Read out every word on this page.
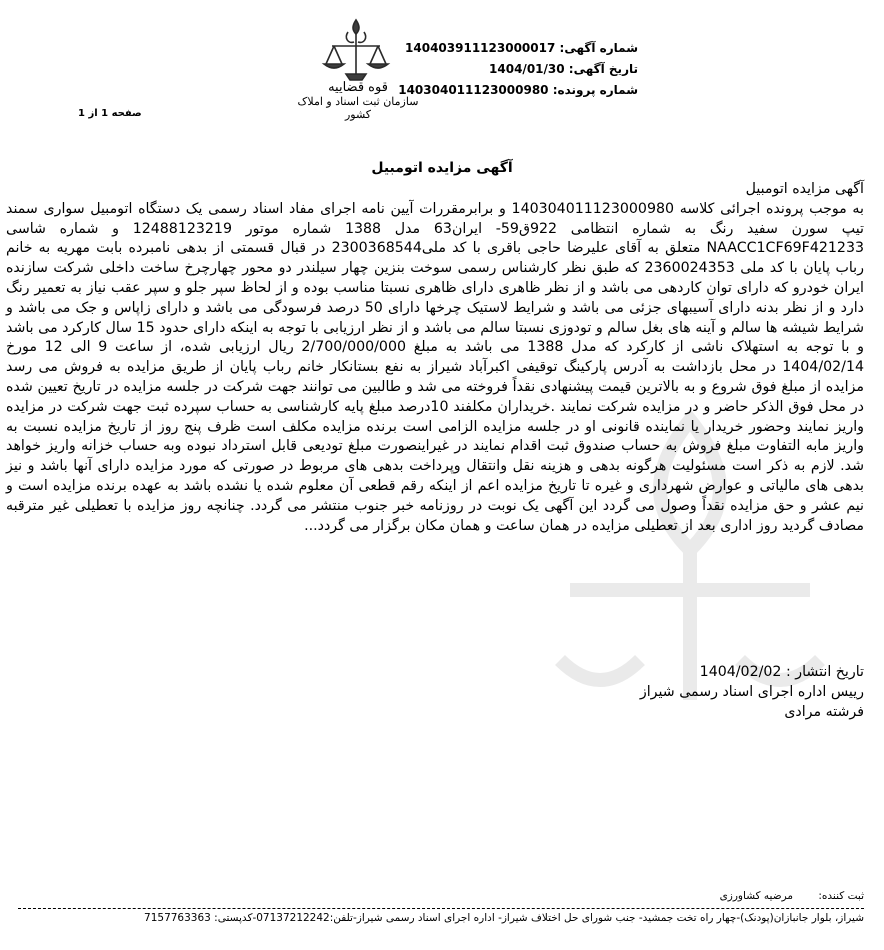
شماره آگهی: 140403911123000017
تاریخ آگهی: 1404/01/30
شماره پرونده: 140304011123000980
قوه قضاییه
سازمان ثبت اسناد و املاک کشور
صفحه 1 از 1
آگهی مزایده اتومبیل

آگهی مزایده اتومبیل

به موجب پرونده اجرائی کلاسه 140304011123000980 و برابرمقررات آیین نامه اجرای مفاد اسناد رسمی یک دستگاه اتومبیل سواری سمند تیپ سورن سفید رنگ به شماره انتظامی 922ق59- ایران63 مدل 1388 شماره موتور 12488123219 و شماره شاسی NAACC1CF69F421233 متعلق به آقای علیرضا حاجی باقری با کد ملی2300368544 در قبال قسمتی از بدهی نامبرده بابت مهریه به خانم رباب پایان با کد ملی 2360024353 که طبق نظر کارشناس رسمی سوخت بنزین چهار سیلندر دو محور چهارچرخ ساخت داخلی شرکت سازنده ایران خودرو که دارای توان کاردهی می باشد و از نظر ظاهری دارای ظاهری نسبتا مناسب بوده و از لحاظ سپر جلو و سپر عقب نیاز به تعمیر رنگ دارد و از نظر بدنه دارای آسیبهای جزئی می باشد و شرایط لاستیک چرخها دارای 50 درصد فرسودگی می باشد و دارای زاپاس و جک می باشد و شرایط شیشه ها سالم و آینه های بغل سالم و تودوزی نسبتا سالم می باشد و از نظر ارزیابی با توجه به اینکه دارای حدود 15 سال کارکرد می باشد و با توجه به استهلاک ناشی از کارکرد که مدل 1388 می باشد به مبلغ 2/700/000/000 ریال ارزیابی شده، از ساعت 9 الی 12 مورخ 1404/02/14 در محل بازداشت به آدرس پارکینگ توقیفی اکبرآباد شیراز به نفع بستانکار خانم رباب پایان از طریق مزایده به فروش می رسد مزایده از مبلغ فوق شروع و به بالاترین قیمت پیشنهادی نقداً فروخته می شد و طالبین می توانند جهت شرکت در جلسه مزایده در تاریخ تعیین شده در محل فوق الذکر حاضر و در مزایده شرکت نمایند .خریداران مکلفند 10درصد مبلغ پایه کارشناسی به حساب سپرده ثبت جهت شرکت در مزایده واریز نمایند وحضور خریدار یا نماینده قانونی او در جلسه مزایده الزامی است برنده مزایده مکلف است ظرف پنج روز از تاریخ مزایده نسبت به واریز مابه التفاوت مبلغ فروش به حساب صندوق ثبت اقدام نمایند در غیراینصورت مبلغ تودیعی قابل استرداد نبوده وبه حساب خزانه واریز خواهد شد. لازم به ذکر است مسئولیت هرگونه بدهی و هزینه نقل وانتقال وپرداخت بدهی های مربوط در صورتی که مورد مزایده دارای آنها باشد و نیز بدهی های مالیاتی و عوارض شهرداری و غیره تا تاریخ مزایده اعم از اینکه رقم قطعی آن معلوم شده یا نشده باشد به عهده برنده مزایده است و نیم عشر و حق مزایده نقداً وصول می گردد این آگهی یک نوبت در روزنامه خبر جنوب منتشر می گردد. چنانچه روز مزایده با تعطیلی غیر مترقبه مصادف گردید روز اداری بعد از تعطیلی مزایده در همان ساعت و همان مکان برگزار می گردد...

تاریخ انتشار : 1404/02/02
رییس اداره اجرای اسناد رسمی شیراز
فرشته مرادی
ثبت کننده: مرضیه کشاورزی
شیراز، بلوار جانبازان(پودنک)-چهار راه تخت جمشید- جنب شورای حل اختلاف شیراز- اداره اجرای اسناد رسمی شیراز-تلفن:07137212242-کدپستی: 7157763363
